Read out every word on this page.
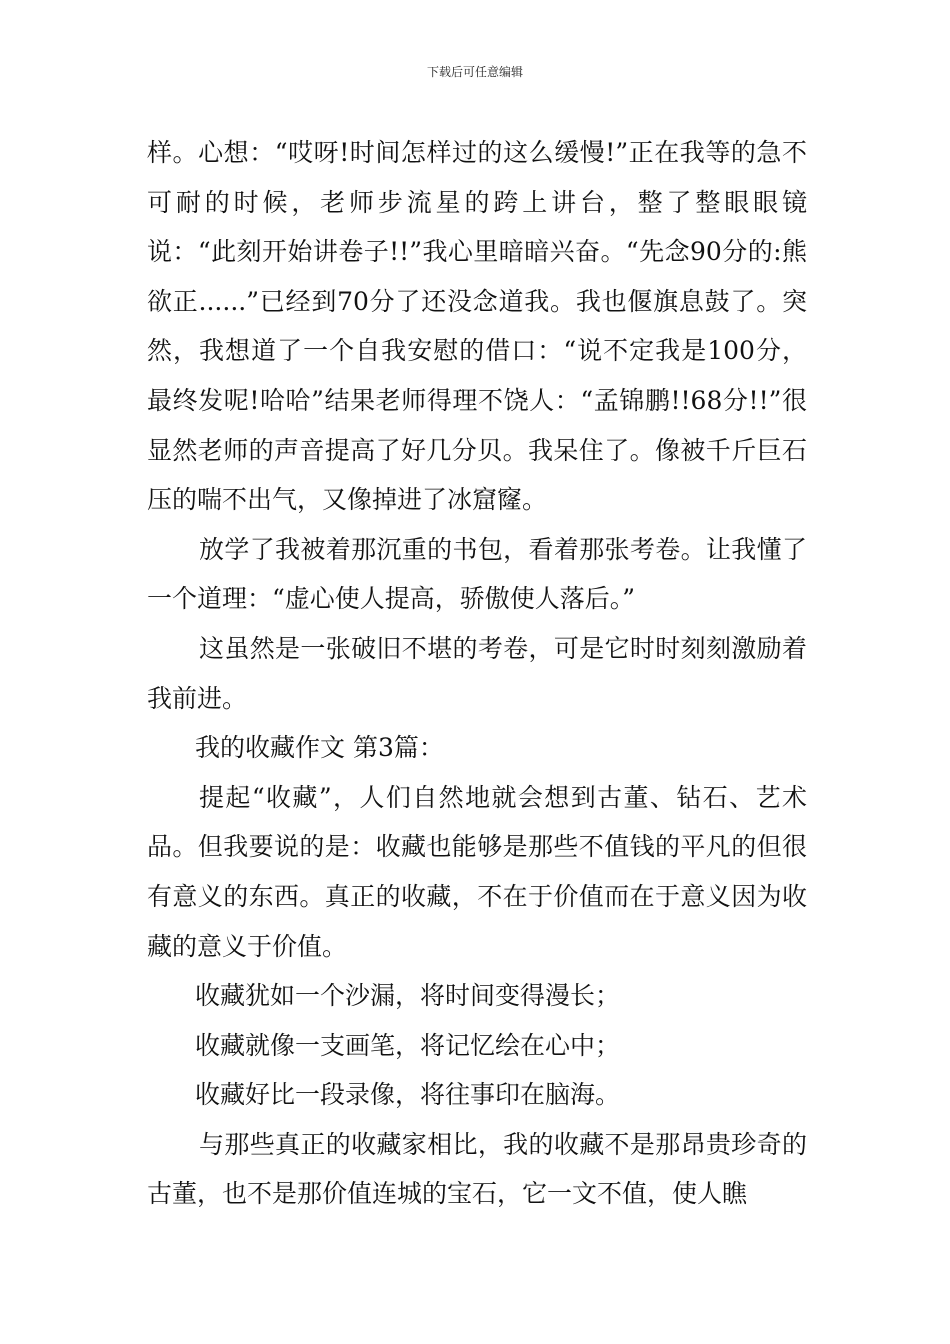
下载后可任意编辑

样。心想：“哎呀!时间怎样过的这么缓慢!”正在我等的急不可耐的时候，老师步流星的跨上讲台，整了整眼眼镜说：“此刻开始讲卷子!!”我心里暗暗兴奋。“先念90分的:熊欲正......”已经到70分了还没念道我。我也偃旗息鼓了。突然，我想道了一个自我安慰的借口：“说不定我是100分，最终发呢!哈哈”结果老师得理不饶人：“孟锦鹏!!68分!!”很显然老师的声音提高了好几分贝。我呆住了。像被千斤巨石压的喘不出气，又像掉进了冰窟窿。

放学了我被着那沉重的书包，看着那张考卷。让我懂了一个道理：“虚心使人提高，骄傲使人落后。”

这虽然是一张破旧不堪的考卷，可是它时时刻刻激励着我前进。

我的收藏作文 第3篇：

提起“收藏”，人们自然地就会想到古董、钻石、艺术品。但我要说的是：收藏也能够是那些不值钱的平凡的但很有意义的东西。真正的收藏，不在于价值而在于意义因为收藏的意义于价值。

收藏犹如一个沙漏，将时间变得漫长；

收藏就像一支画笔，将记忆绘在心中；

收藏好比一段录像，将往事印在脑海。

与那些真正的收藏家相比，我的收藏不是那昂贵珍奇的古董，也不是那价值连城的宝石，它一文不值，使人瞧
